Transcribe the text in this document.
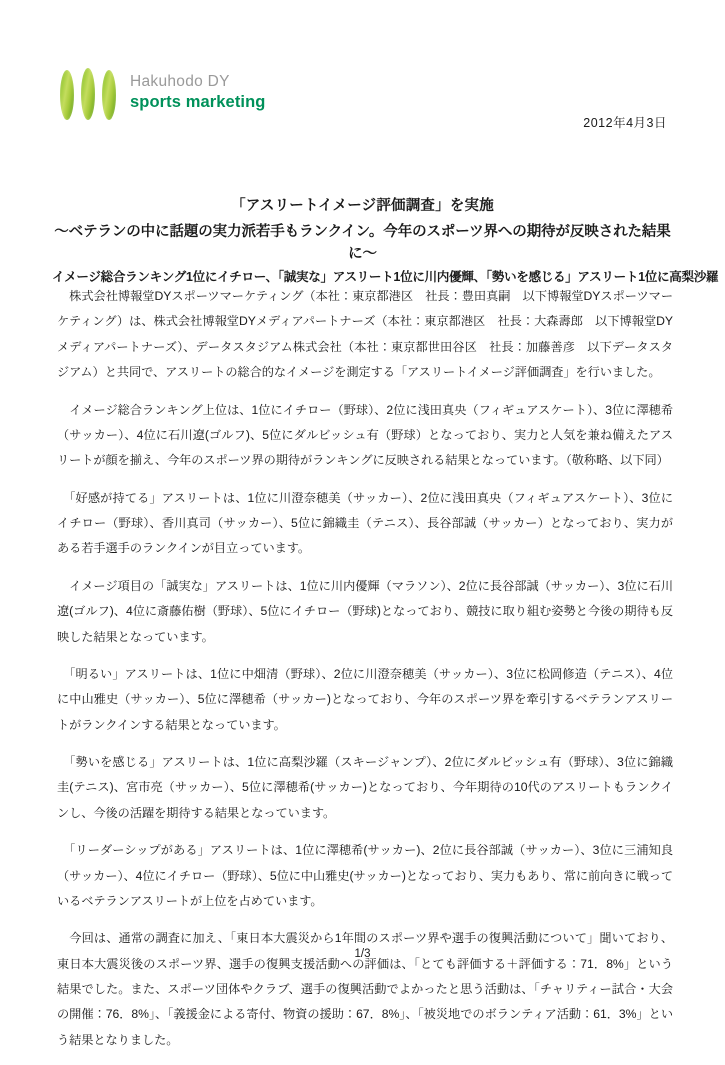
Hakuhodo DY
sports marketing
2012年4月3日
「アスリートイメージ評価調査」を実施
～ベテランの中に話題の実力派若手もランクイン。今年のスポーツ界への期待が反映された結果に～
イメージ総合ランキング1位にイチロー、「誠実な」アスリート1位に川内優輝、「勢いを感じる」アスリート1位に高梨沙羅

　株式会社博報堂DYスポーツマーケティング（本社：東京都港区　社長：豊田真嗣　以下博報堂DYスポーツマーケティング）は、株式会社博報堂DYメディアパートナーズ（本社：東京都港区　社長：大森壽郎　以下博報堂DYメディアパートナーズ）、データスタジアム株式会社（本社：東京都世田谷区　社長：加藤善彦　以下データスタジアム）と共同で、アスリートの総合的なイメージを測定する「アスリートイメージ評価調査」を行いました。

　イメージ総合ランキング上位は、1位にイチロー（野球）、2位に浅田真央（フィギュアスケート）、3位に澤穂希（サッカー）、4位に石川遼(ゴルフ)、5位にダルビッシュ有（野球）となっており、実力と人気を兼ね備えたアスリートが顔を揃え、今年のスポーツ界の期待がランキングに反映される結果となっています。（敬称略、以下同）

　「好感が持てる」アスリートは、1位に川澄奈穂美（サッカー）、2位に浅田真央（フィギュアスケート）、3位にイチロー（野球）、香川真司（サッカー）、5位に錦織圭（テニス）、長谷部誠（サッカー）となっており、実力がある若手選手のランクインが目立っています。

　イメージ項目の「誠実な」アスリートは、1位に川内優輝（マラソン）、2位に長谷部誠（サッカー）、3位に石川遼(ゴルフ)、4位に斎藤佑樹（野球）、5位にイチロー（野球)となっており、競技に取り組む姿勢と今後の期待も反映した結果となっています。

　「明るい」アスリートは、1位に中畑清（野球）、2位に川澄奈穂美（サッカー）、3位に松岡修造（テニス）、4位に中山雅史（サッカー）、5位に澤穂希（サッカー)となっており、今年のスポーツ界を牽引するベテランアスリートがランクインする結果となっています。

　「勢いを感じる」アスリートは、1位に高梨沙羅（スキージャンプ）、2位にダルビッシュ有（野球）、3位に錦織圭(テニス)、宮市亮（サッカー）、5位に澤穂希(サッカー)となっており、今年期待の10代のアスリートもランクインし、今後の活躍を期待する結果となっています。

　「リーダーシップがある」アスリートは、1位に澤穂希(サッカー)、2位に長谷部誠（サッカー）、3位に三浦知良（サッカー）、4位にイチロー（野球）、5位に中山雅史(サッカー)となっており、実力もあり、常に前向きに戦っているベテランアスリートが上位を占めています。

　今回は、通常の調査に加え、「東日本大震災から1年間のスポーツ界や選手の復興活動について」聞いており、東日本大震災後のスポーツ界、選手の復興支援活動への評価は、「とても評価する＋評価する：71．8%」という結果でした。また、スポーツ団体やクラブ、選手の復興活動でよかったと思う活動は、「チャリティー試合・大会の開催：76．8%」、「義援金による寄付、物資の援助：67．8%」、「被災地でのボランティア活動：61．3%」という結果となりました。

1/3
